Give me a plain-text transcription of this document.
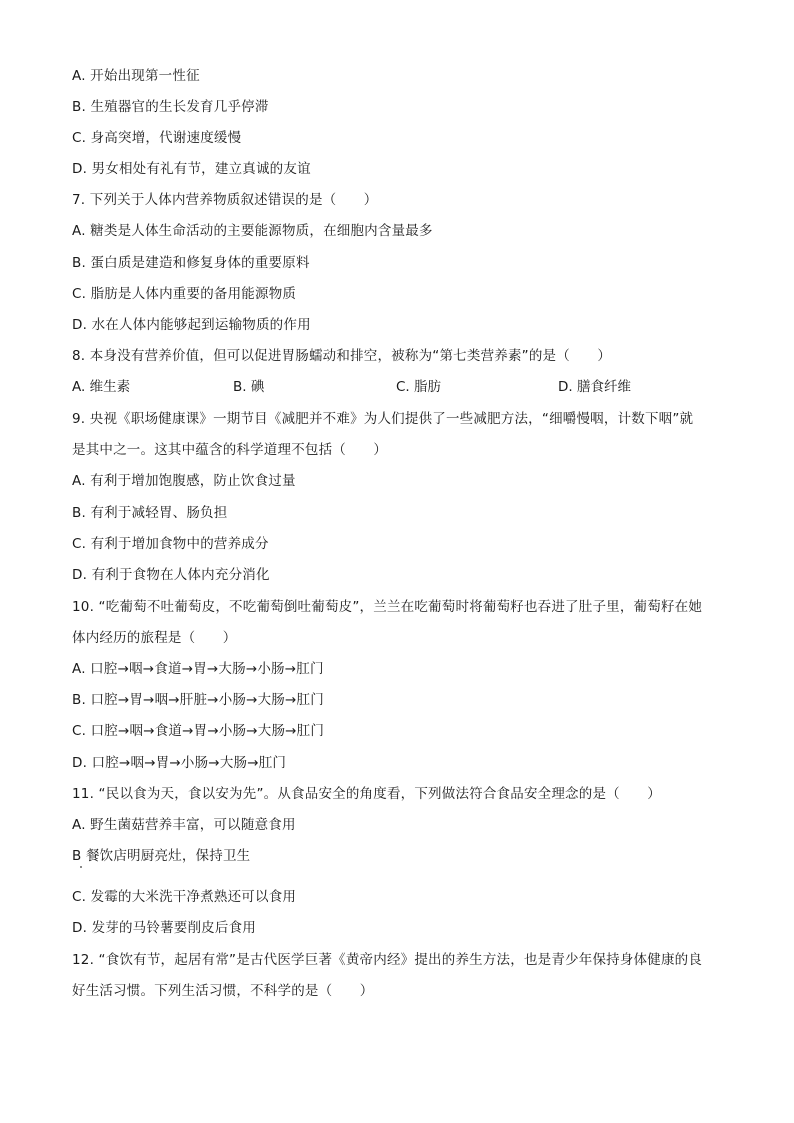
A. 开始出现第一性征
B. 生殖器官的生长发育几乎停滞
C. 身高突增，代谢速度缓慢
D. 男女相处有礼有节，建立真诚的友谊
7. 下列关于人体内营养物质叙述错误的是（　　）
A. 糖类是人体生命活动的主要能源物质，在细胞内含量最多
B. 蛋白质是建造和修复身体的重要原料
C. 脂肪是人体内重要的备用能源物质
D. 水在人体内能够起到运输物质的作用
8. 本身没有营养价值，但可以促进胃肠蠕动和排空，被称为“第七类营养素”的是（　　）
A. 维生素	B. 碘	C. 脂肪	D. 膳食纤维
9. 央视《职场健康课》一期节目《减肥并不难》为人们提供了一些减肥方法，“细嚼慢咽，计数下咽”就
是其中之一。这其中蕴含的科学道理不包括（　　）
A. 有利于增加饱腹感，防止饮食过量
B. 有利于减轻胃、肠负担
C. 有利于增加食物中的营养成分
D. 有利于食物在人体内充分消化
10. “吃葡萄不吐葡萄皮，不吃葡萄倒吐葡萄皮”，兰兰在吃葡萄时将葡萄籽也吞进了肚子里，葡萄籽在她
体内经历的旅程是（　　）
A. 口腔→咽→食道→胃→大肠→小肠→肛门
B. 口腔→胃→咽→肝脏→小肠→大肠→肛门
C. 口腔→咽→食道→胃→小肠→大肠→肛门
D. 口腔→咽→胃→小肠→大肠→肛门
11. “民以食为天，食以安为先”。从食品安全的角度看，下列做法符合食品安全理念的是（　　）
A. 野生菌菇营养丰富，可以随意食用
B 餐饮店明厨亮灶，保持卫生
C. 发霉的大米洗干净煮熟还可以食用
D. 发芽的马铃薯要削皮后食用
12. “食饮有节，起居有常”是古代医学巨著《黄帝内经》提出的养生方法，也是青少年保持身体健康的良
好生活习惯。下列生活习惯，不科学的是（　　）
